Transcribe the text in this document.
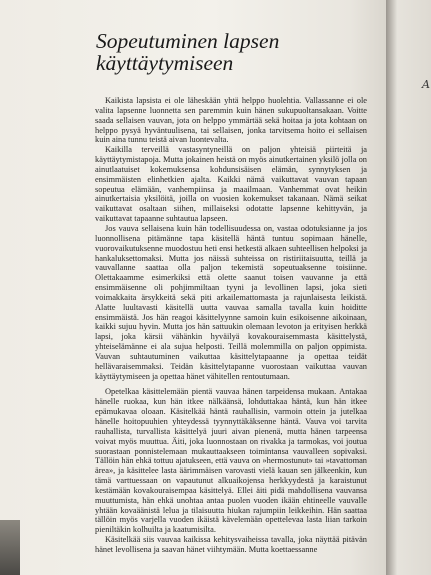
Sopeutuminen lapsen käyttäytymiseen

Kaikista lapsista ei ole läheskään yhtä helppo huolehtia. Vallassanne ei ole valita lapsenne luonnetta sen paremmin kuin hänen sukupuoltansakaan. Voitte saada sellaisen vauvan, jota on helppo ymmärtää sekä hoitaa ja jota kohtaan on helppo pysyä hyväntuulisena, tai sellaisen, jonka tarvitsema hoito ei sellaisen kuin aina tunnu teistä aivan luontevalta.

Kaikilla terveillä vastasyntyneillä on paljon yhteisiä piirteitä ja käyttäytymistapoja. Mutta jokainen heistä on myös ainutkertainen yksilö jolla on ainutlaatuiset kokemuksensa kohdunsisäisen elämän, synnytyksen ja ensimmäisten elinhetkien ajalta. Kaikki nämä vaikuttavat vauvan tapaan sopeutua elämään, vanhempiinsa ja maailmaan. Vanhemmat ovat heikin ainutkertaisia yksilöitä, joilla on vuosien kokemukset takanaan. Nämä seikat vaikuttavat osaltaan siihen, millaiseksi odotatte lapsenne kehittyvän, ja vaikuttavat tapaanne suhtautua lapseen.

Jos vauva sellaisena kuin hän todellisuudessa on, vastaa odotuksianne ja jos luonnollisena pitämänne tapa käsitellä häntä tuntuu sopimaan hänelle, vuorovaikutuksenne muodostuu heti ensi hetkestä alkaen suhteellisen helpoksi ja hankaluksettomaksi. Mutta jos näissä suhteissa on ristiriitaisuutta, teillä ja vauvallanne saattaa olla paljon tekemistä sopeutuaksenne toisiinne. Olettakaamme esimerkiksi että olette saanut toisen vauvanne ja että ensimmäisenne oli pohjimmiltaan tyyni ja levollinen lapsi, joka sieti voimakkaita ärsykkeitä sekä piti arkailemattomasta ja rajunlaisesta leikistä. Alatte luultavasti käsitellä uutta vauvaa samalla tavalla kuin hoiditte ensimmäistä. Jos hän reagoi käsittelyynne samoin kuin esikoisenne aikoinaan, kaikki sujuu hyvin. Mutta jos hän sattuukin olemaan levoton ja erityisen herkkä lapsi, joka kärsii vähänkin hyväilyä kovakouraisemmasta käsittelystä, yhteiselämänne ei ala sujua helposti. Teillä molemmilla on paljon oppimista. Vauvan suhtautuminen vaikuttaa käsittelytapaanne ja opettaa teidät hellävaraisemmaksi. Teidän käsittelytapanne vuorostaan vaikuttaa vauvan käyttäytymiseen ja opettaa hänet vähitellen rentoutumaan.

Opetelkaa käsittelemään pientä vauvaa hänen tarpeidensa mukaan. Antakaa hänelle ruokaa, kun hän itkee nälkäänsä, lohduttakaa häntä, kun hän itkee epämukavaa oloaan. Käsitelkää häntä rauhallisin, varmoin ottein ja jutelkaa hänelle hoitopuuhien yhteydessä tyynnyttäkäksenne häntä. Vauva voi tarvita rauhallista, turvallista käsittelyä juuri aivan pienenä, mutta hänen tarpeensa voivat myös muuttua. Äiti, joka luonnostaan on rivakka ja tarmokas, voi joutua suorastaan ponnistelemaan mukauttaakseen toimintansa vauvalleen sopivaksi. Tällöin hän ehkä tottuu ajatukseen, että vauva on »hermostunut» tai »tavattoman ärea», ja käsittelee lasta äärimmäisen varovasti vielä kauan sen jälkeenkin, kun tämä varttuessaan on vapautunut alkuaikojensa herkkyydestä ja karaistunut kestämään kovakouraisempaa käsittelyä. Ellei äiti pidä mahdollisena vauvansa muuttumista, hän ehkä unohtaa antaa puolen vuoden ikään ehtineelle vauvalle yhtään kovaäänistä lelua ja tilaisuutta hiukan rajumpiin leikkeihin. Hän saattaa tällöin myös varjella vuoden ikäistä kävelemään opettelevaa lasta liian tarkoin pieniltäkin kolhuilta ja kaatumisilta.

Käsitelkää siis vauvaa kaikissa kehitysvaiheissa tavalla, joka näyttää pitävän hänet levollisena ja saavan hänet viihtymään. Mutta koettaessanne

A
